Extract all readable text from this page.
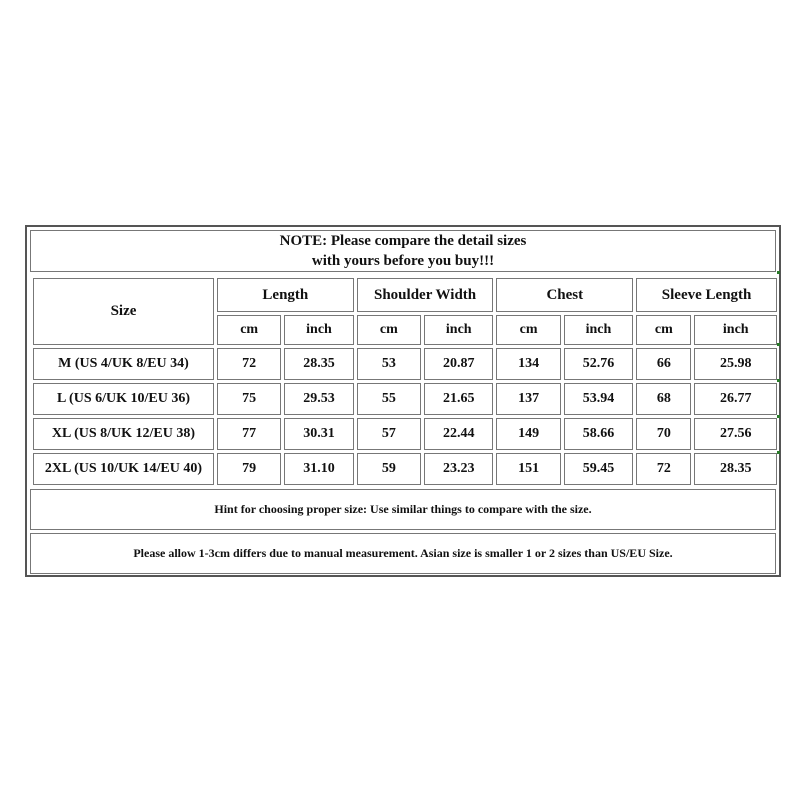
NOTE: Please compare the detail sizes
with yours before you buy!!!
Size	Length		Shoulder Width		Chest		Sleeve Length	
	cm	inch	cm	inch	cm	inch	cm	inch
M (US 4/UK 8/EU 34)	72	28.35	53	20.87	134	52.76	66	25.98
L (US 6/UK 10/EU 36)	75	29.53	55	21.65	137	53.94	68	26.77
XL (US 8/UK 12/EU 38)	77	30.31	57	22.44	149	58.66	70	27.56
2XL (US 10/UK 14/EU 40)	79	31.10	59	23.23	151	59.45	72	28.35
Hint for choosing proper size: Use similar things to compare with the size.
Please allow 1-3cm differs due to manual measurement. Asian size is smaller 1 or 2 sizes than US/EU Size.
